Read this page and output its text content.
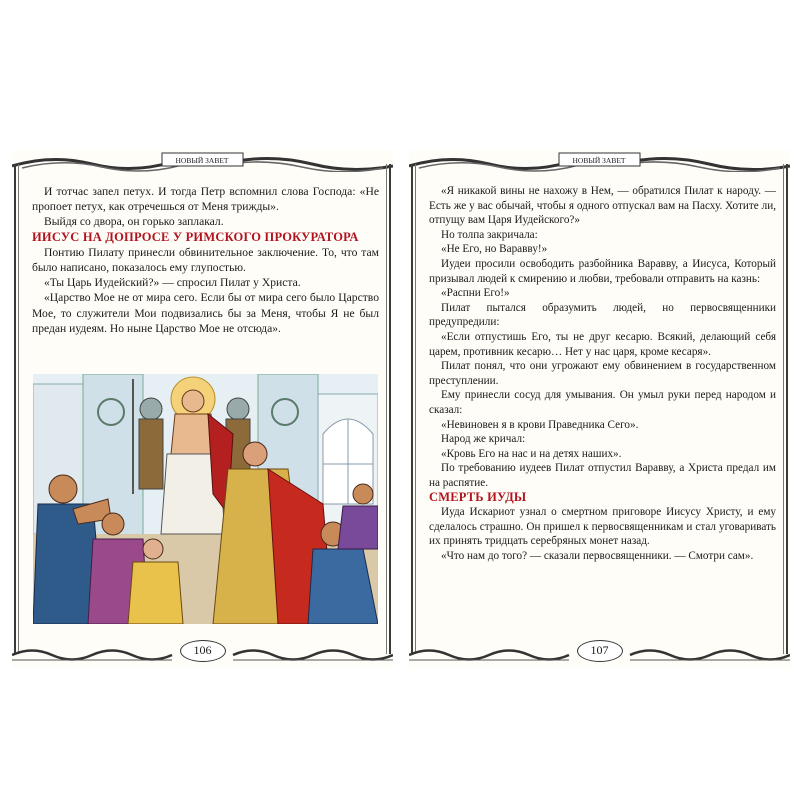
НОВЫЙ ЗАВЕТ

И тотчас запел петух. И тогда Петр вспомнил слова Господа: «Не пропоет петух, как отречешься от Меня трижды».

Выйдя со двора, он горько заплакал.

ИИСУС НА ДОПРОСЕ У РИМСКОГО ПРОКУРАТОРА

Понтию Пилату принесли обвинительное заключение. То, что там было написано, показалось ему глупостью.

«Ты Царь Иудейский?» — спросил Пилат у Христа.

«Царство Мое не от мира сего. Если бы от мира сего было Царство Мое, то служители Мои подвизались бы за Меня, чтобы Я не был предан иудеям. Но ныне Царство Мое не отсюда».

106
НОВЫЙ ЗАВЕТ

«Я никакой вины не нахожу в Нем, — обратился Пилат к народу. — Есть же у вас обычай, чтобы я одного отпускал вам на Пасху. Хотите ли, отпущу вам Царя Иудейского?»

Но толпа закричала:

«Не Его, но Варавву!»

Иудеи просили освободить разбойника Варавву, а Иисуса, Который призывал людей к смирению и любви, требовали отправить на казнь:

«Распни Его!»

Пилат пытался образумить людей, но первосвященники предупредили:

«Если отпустишь Его, ты не друг кесарю. Всякий, делающий себя царем, противник кесарю… Нет у нас царя, кроме кесаря».

Пилат понял, что они угрожают ему обвинением в государственном преступлении.

Ему принесли сосуд для умывания. Он умыл руки перед народом и сказал:

«Невиновен я в крови Праведника Сего».

Народ же кричал:

«Кровь Его на нас и на детях наших».

По требованию иудеев Пилат отпустил Варавву, а Христа предал им на распятие.

СМЕРТЬ ИУДЫ

Иуда Искариот узнал о смертном приговоре Иисусу Христу, и ему сделалось страшно. Он пришел к первосвященникам и стал уговаривать их принять тридцать серебряных монет назад.

«Что нам до того? — сказали первосвященники. — Смотри сам».

107
